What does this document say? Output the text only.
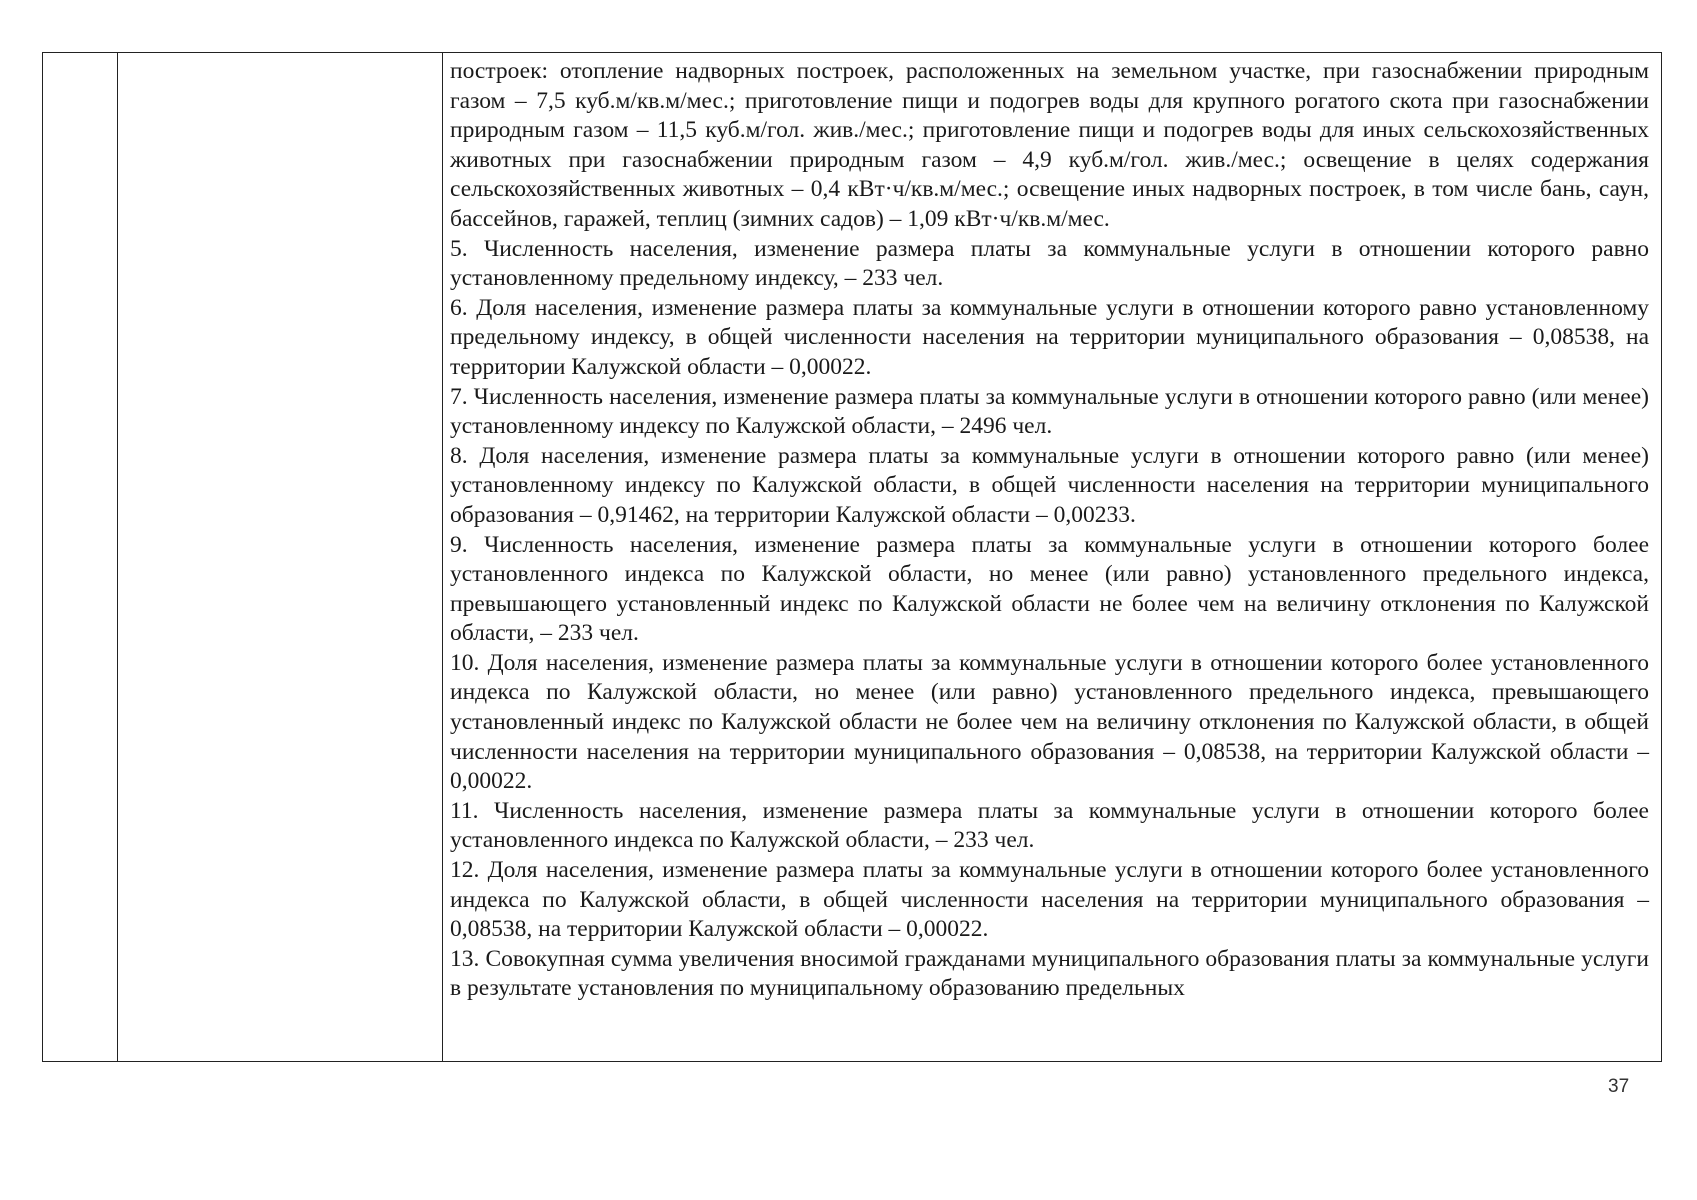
построек: отопление надворных построек, расположенных на земельном участке, при газоснабжении природным газом – 7,5 куб.м/кв.м/мес.; приготовление пищи и подогрев воды для крупного рогатого скота при газоснабжении природным газом – 11,5 куб.м/гол. жив./мес.; приготовление пищи и подогрев воды для иных сельскохозяйственных животных при газоснабжении природным газом – 4,9 куб.м/гол. жив./мес.; освещение в целях содержания сельскохозяйственных животных – 0,4 кВт·ч/кв.м/мес.; освещение иных надворных построек, в том числе бань, саун, бассейнов, гаражей, теплиц (зимних садов) – 1,09 кВт·ч/кв.м/мес.

5. Численность населения, изменение размера платы за коммунальные услуги в отношении которого равно установленному предельному индексу, – 233 чел.

6. Доля населения, изменение размера платы за коммунальные услуги в отношении которого равно установленному предельному индексу, в общей численности населения на территории муниципального образования – 0,08538, на территории Калужской области – 0,00022.

7. Численность населения, изменение размера платы за коммунальные услуги в отношении которого равно (или менее) установленному индексу по Калужской области, – 2496 чел.

8. Доля населения, изменение размера платы за коммунальные услуги в отношении которого равно (или менее) установленному индексу по Калужской области, в общей численности населения на территории муниципального образования – 0,91462, на территории Калужской области – 0,00233.

9. Численность населения, изменение размера платы за коммунальные услуги в отношении которого более установленного индекса по Калужской области, но менее (или равно) установленного предельного индекса, превышающего установленный индекс по Калужской области не более чем на величину отклонения по Калужской области, – 233 чел.

10. Доля населения, изменение размера платы за коммунальные услуги в отношении которого более установленного индекса по Калужской области, но менее (или равно) установленного предельного индекса, превышающего установленный индекс по Калужской области не более чем на величину отклонения по Калужской области, в общей численности населения на территории муниципального образования – 0,08538, на территории Калужской области – 0,00022.

11. Численность населения, изменение размера платы за коммунальные услуги в отношении которого более установленного индекса по Калужской области, – 233 чел.

12. Доля населения, изменение размера платы за коммунальные услуги в отношении которого более установленного индекса по Калужской области, в общей численности населения на территории муниципального образования – 0,08538, на территории Калужской области – 0,00022.

13. Совокупная сумма увеличения вносимой гражданами муниципального образования платы за коммунальные услуги в результате установления по муниципальному образованию предельных

37
